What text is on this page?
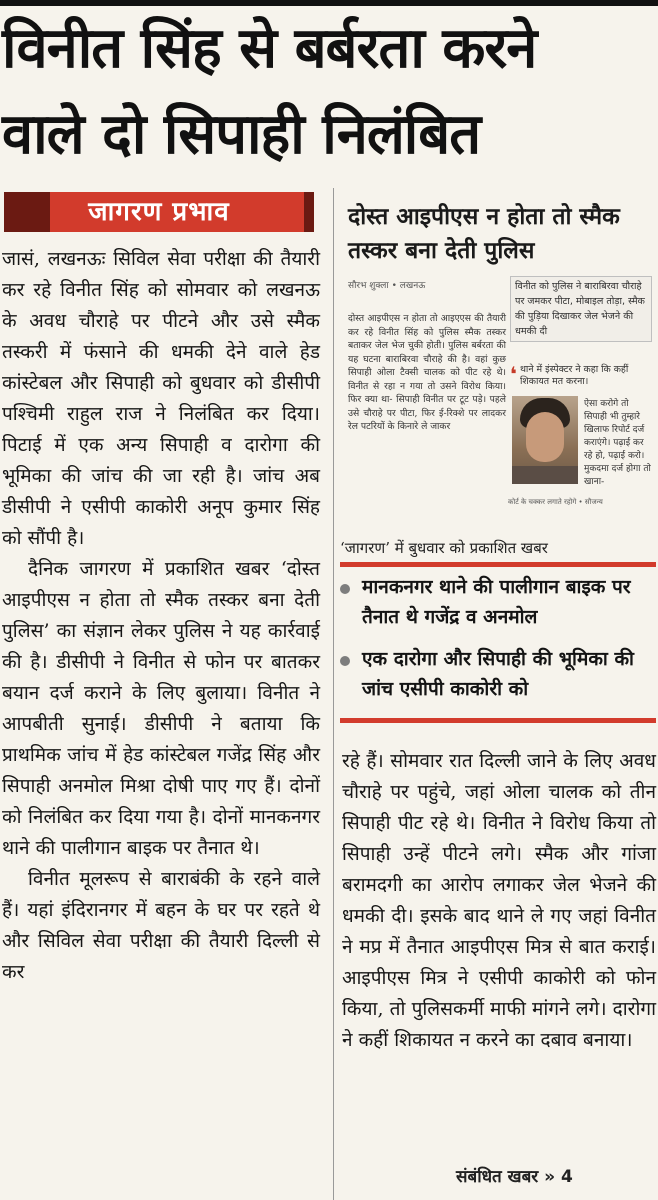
विनीत सिंह से बर्बरता करने
वाले दो सिपाही निलंबित
जागरण प्रभाव

जासं, लखनऊः सिविल सेवा परीक्षा की तैयारी कर रहे विनीत सिंह को सोमवार को लखनऊ के अवध चौराहे पर पीटने और उसे स्मैक तस्करी में फंसाने की धमकी देने वाले हेड कांस्टेबल और सिपाही को बुधवार को डीसीपी पश्चिमी राहुल राज ने निलंबित कर दिया। पिटाई में एक अन्य सिपाही व दारोगा की भूमिका की जांच की जा रही है। जांच अब डीसीपी ने एसीपी काकोरी अनूप कुमार सिंह को सौंपी है।

दैनिक जागरण में प्रकाशित खबर ‘दोस्त आइपीएस न होता तो स्मैक तस्कर बना देती पुलिस’ का संज्ञान लेकर पुलिस ने यह कार्रवाई की है। डीसीपी ने विनीत से फोन पर बातकर बयान दर्ज कराने के लिए बुलाया। विनीत ने आपबीती सुनाई। डीसीपी ने बताया कि प्राथमिक जांच में हेड कांस्टेबल गजेंद्र सिंह और सिपाही अनमोल मिश्रा दोषी पाए गए हैं। दोनों को निलंबित कर दिया गया है। दोनों मानकनगर थाने की पालीगान बाइक पर तैनात थे।

विनीत मूलरूप से बाराबंकी के रहने वाले हैं। यहां इंदिरानगर में बहन के घर पर रहते थे और सिविल सेवा परीक्षा की तैयारी दिल्ली से कर

दोस्त आइपीएस न होता तो स्मैक तस्कर बना देती पुलिस
सौरभ शुक्ला • लखनऊ
दोस्त आइपीएस न होता तो आइएएस की तैयारी कर रहे विनीत सिंह को पुलिस स्मैक तस्कर बताकर जेल भेज चुकी होती। पुलिस बर्बरता की यह घटना बाराबिरवा चौराहे की है। वहां कुछ सिपाही ओला टैक्सी चालक को पीट रहे थे। विनीत से रहा न गया तो उसने विरोध किया। फिर क्या था- सिपाही विनीत पर टूट पड़े। पहले उसे चौराहे पर पीटा, फिर ई-रिक्शे पर लादकर रेल पटरियों के किनारे ले जाकर
विनीत को पुलिस ने बाराबिरवा चौराहे पर जमकर पीटा, मोबाइल तोड़ा, स्मैक की पुड़िया दिखाकर जेल भेजने की धमकी दी
❛ थाने में इंस्पेक्टर ने कहा कि कहीं शिकायत मत करना।
ऐसा करोगे तो सिपाही भी तुम्हारे खिलाफ रिपोर्ट दर्ज कराएंगे। पढ़ाई कर रहे हो, पढ़ाई करो। मुकदमा दर्ज होगा तो खाना-
कोर्ट के चक्कर लगाते रहोगे • सौजन्य
‘जागरण’ में बुधवार को प्रकाशित खबर
मानकनगर थाने की पालीगान बाइक पर तैनात थे गजेंद्र व अनमोल
एक दारोगा और सिपाही की भूमिका की जांच एसीपी काकोरी को

रहे हैं। सोमवार रात दिल्ली जाने के लिए अवध चौराहे पर पहुंचे, जहां ओला चालक को तीन सिपाही पीट रहे थे। विनीत ने विरोध किया तो सिपाही उन्हें पीटने लगे। स्मैक और गांजा बरामदगी का आरोप लगाकर जेल भेजने की धमकी दी। इसके बाद थाने ले गए जहां विनीत ने मप्र में तैनात आइपीएस मित्र से बात कराई। आइपीएस मित्र ने एसीपी काकोरी को फोन किया, तो पुलिसकर्मी माफी मांगने लगे। दारोगा ने कहीं शिकायत न करने का दबाव बनाया।

संबंधित खबर » 4
